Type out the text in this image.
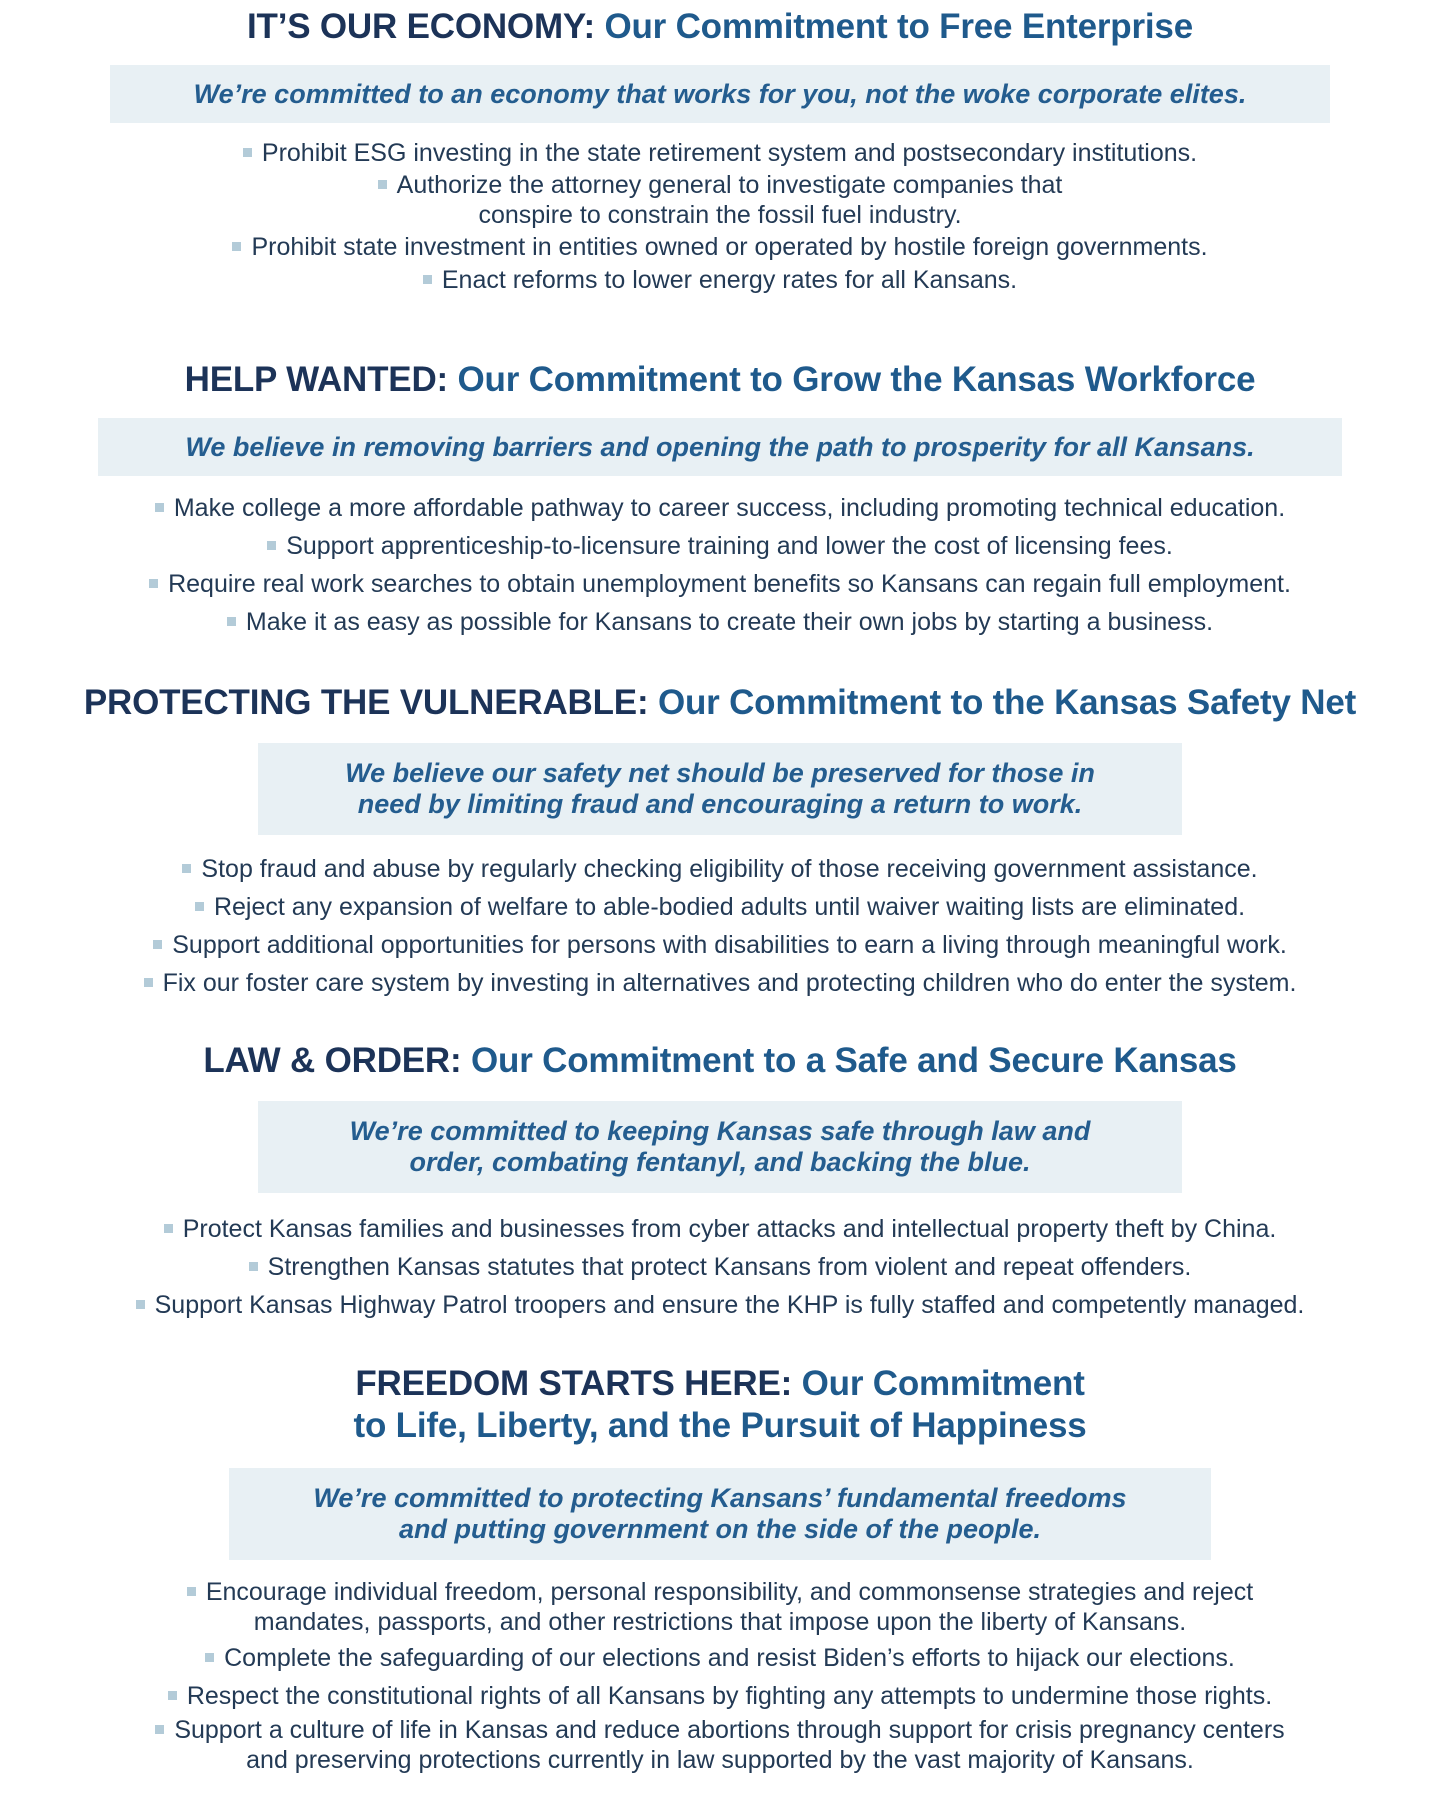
IT’S OUR ECONOMY: Our Commitment to Free Enterprise
We’re committed to an economy that works for you, not the woke corporate elites.
Prohibit ESG investing in the state retirement system and postsecondary institutions.
Authorize the attorney general to investigate companies that
conspire to constrain the fossil fuel industry.
Prohibit state investment in entities owned or operated by hostile foreign governments.
Enact reforms to lower energy rates for all Kansans.
HELP WANTED: Our Commitment to Grow the Kansas Workforce
We believe in removing barriers and opening the path to prosperity for all Kansans.
Make college a more affordable pathway to career success, including promoting technical education.
Support apprenticeship-to-licensure training and lower the cost of licensing fees.
Require real work searches to obtain unemployment benefits so Kansans can regain full employment.
Make it as easy as possible for Kansans to create their own jobs by starting a business.
PROTECTING THE VULNERABLE: Our Commitment to the Kansas Safety Net
We believe our safety net should be preserved for those in
need by limiting fraud and encouraging a return to work.
Stop fraud and abuse by regularly checking eligibility of those receiving government assistance.
Reject any expansion of welfare to able-bodied adults until waiver waiting lists are eliminated.
Support additional opportunities for persons with disabilities to earn a living through meaningful work.
Fix our foster care system by investing in alternatives and protecting children who do enter the system.
LAW & ORDER: Our Commitment to a Safe and Secure Kansas
We’re committed to keeping Kansas safe through law and
order, combating fentanyl, and backing the blue.
Protect Kansas families and businesses from cyber attacks and intellectual property theft by China.
Strengthen Kansas statutes that protect Kansans from violent and repeat offenders.
Support Kansas Highway Patrol troopers and ensure the KHP is fully staffed and competently managed.
FREEDOM STARTS HERE: Our Commitment
to Life, Liberty, and the Pursuit of Happiness
We’re committed to protecting Kansans’ fundamental freedoms
and putting government on the side of the people.
Encourage individual freedom, personal responsibility, and commonsense strategies and reject
mandates, passports, and other restrictions that impose upon the liberty of Kansans.
Complete the safeguarding of our elections and resist Biden’s efforts to hijack our elections.
Respect the constitutional rights of all Kansans by fighting any attempts to undermine those rights.
Support a culture of life in Kansas and reduce abortions through support for crisis pregnancy centers
and preserving protections currently in law supported by the vast majority of Kansans.
